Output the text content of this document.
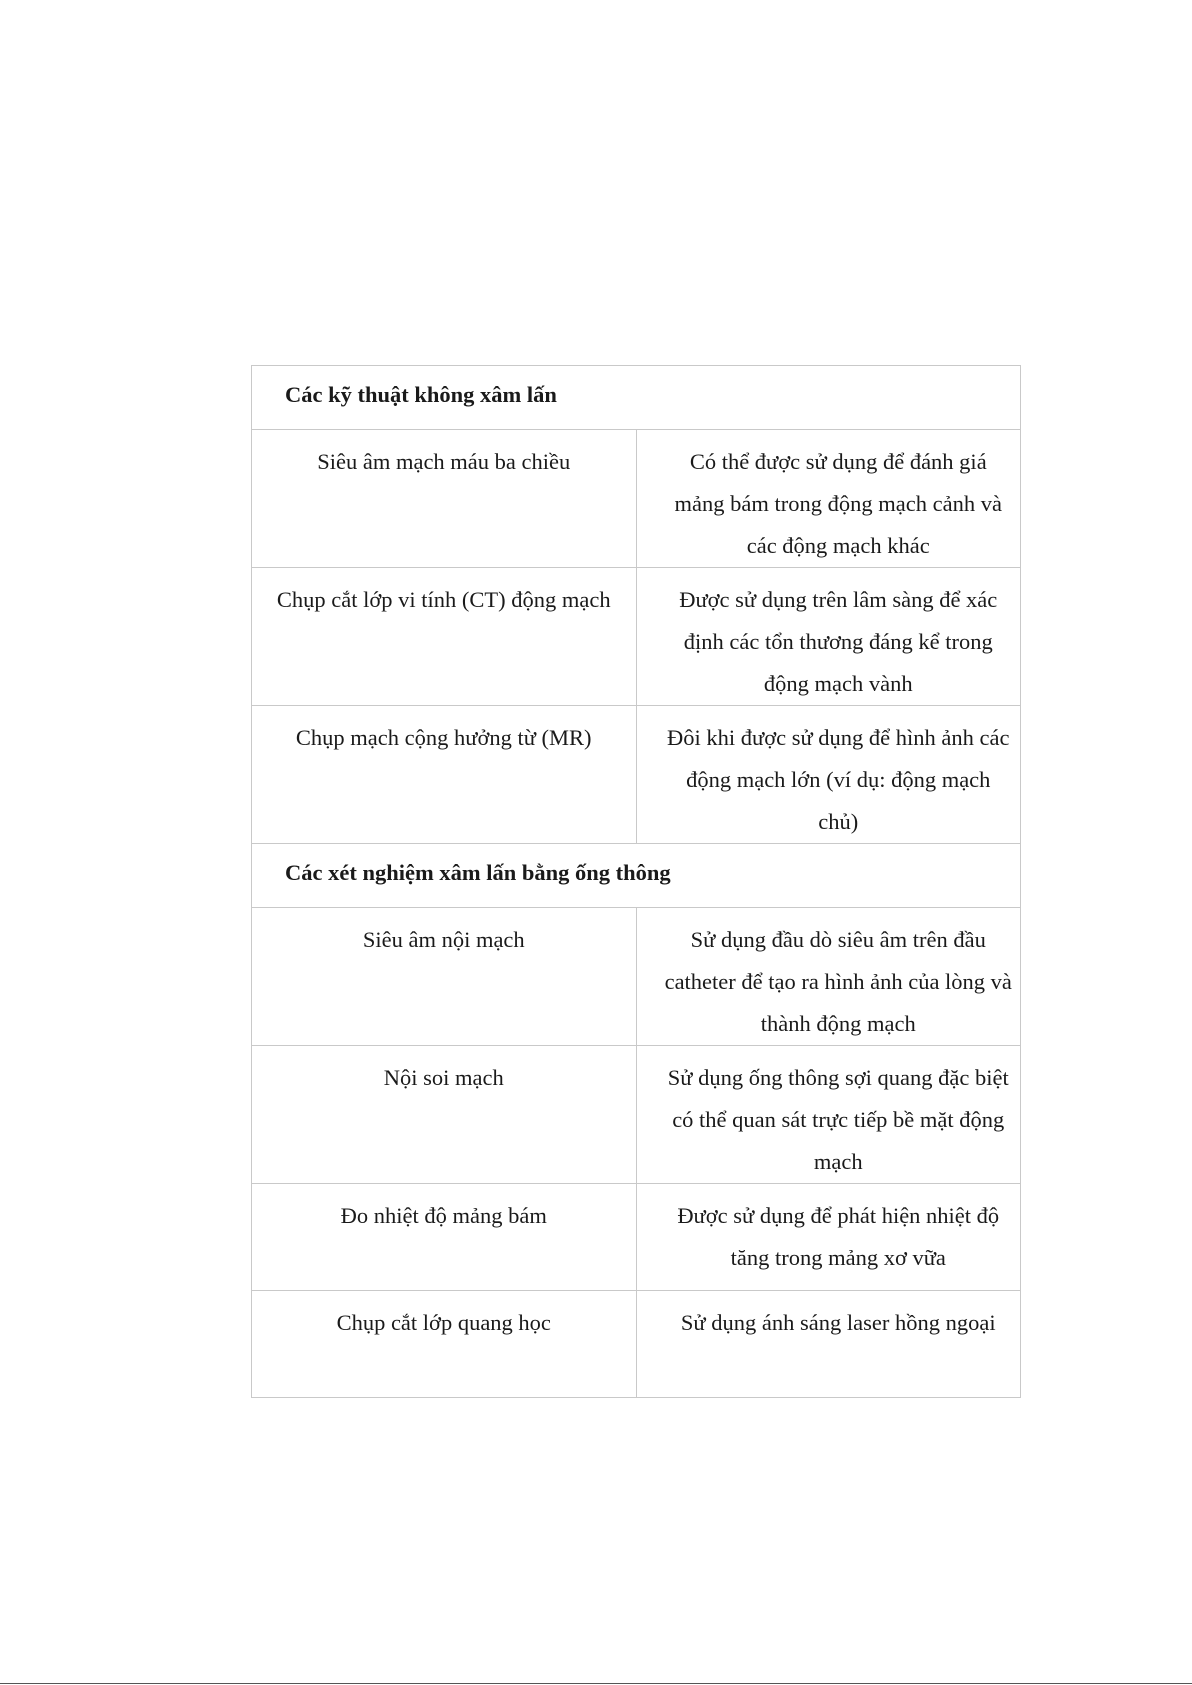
Các kỹ thuật không xâm lấn	
Siêu âm mạch máu ba chiều	Có thể được sử dụng để đánh giá mảng bám trong động mạch cảnh và các động mạch khác
Chụp cắt lớp vi tính (CT) động mạch	Được sử dụng trên lâm sàng để xác định các tổn thương đáng kể trong động mạch vành
Chụp mạch cộng hưởng từ (MR)	Đôi khi được sử dụng để hình ảnh các động mạch lớn (ví dụ: động mạch chủ)
Các xét nghiệm xâm lấn bằng ống thông	
Siêu âm nội mạch	Sử dụng đầu dò siêu âm trên đầu catheter để tạo ra hình ảnh của lòng và thành động mạch
Nội soi mạch	Sử dụng ống thông sợi quang đặc biệt có thể quan sát trực tiếp bề mặt động mạch
Đo nhiệt độ mảng bám	Được sử dụng để phát hiện nhiệt độ tăng trong mảng xơ vữa
Chụp cắt lớp quang học	Sử dụng ánh sáng laser hồng ngoại
